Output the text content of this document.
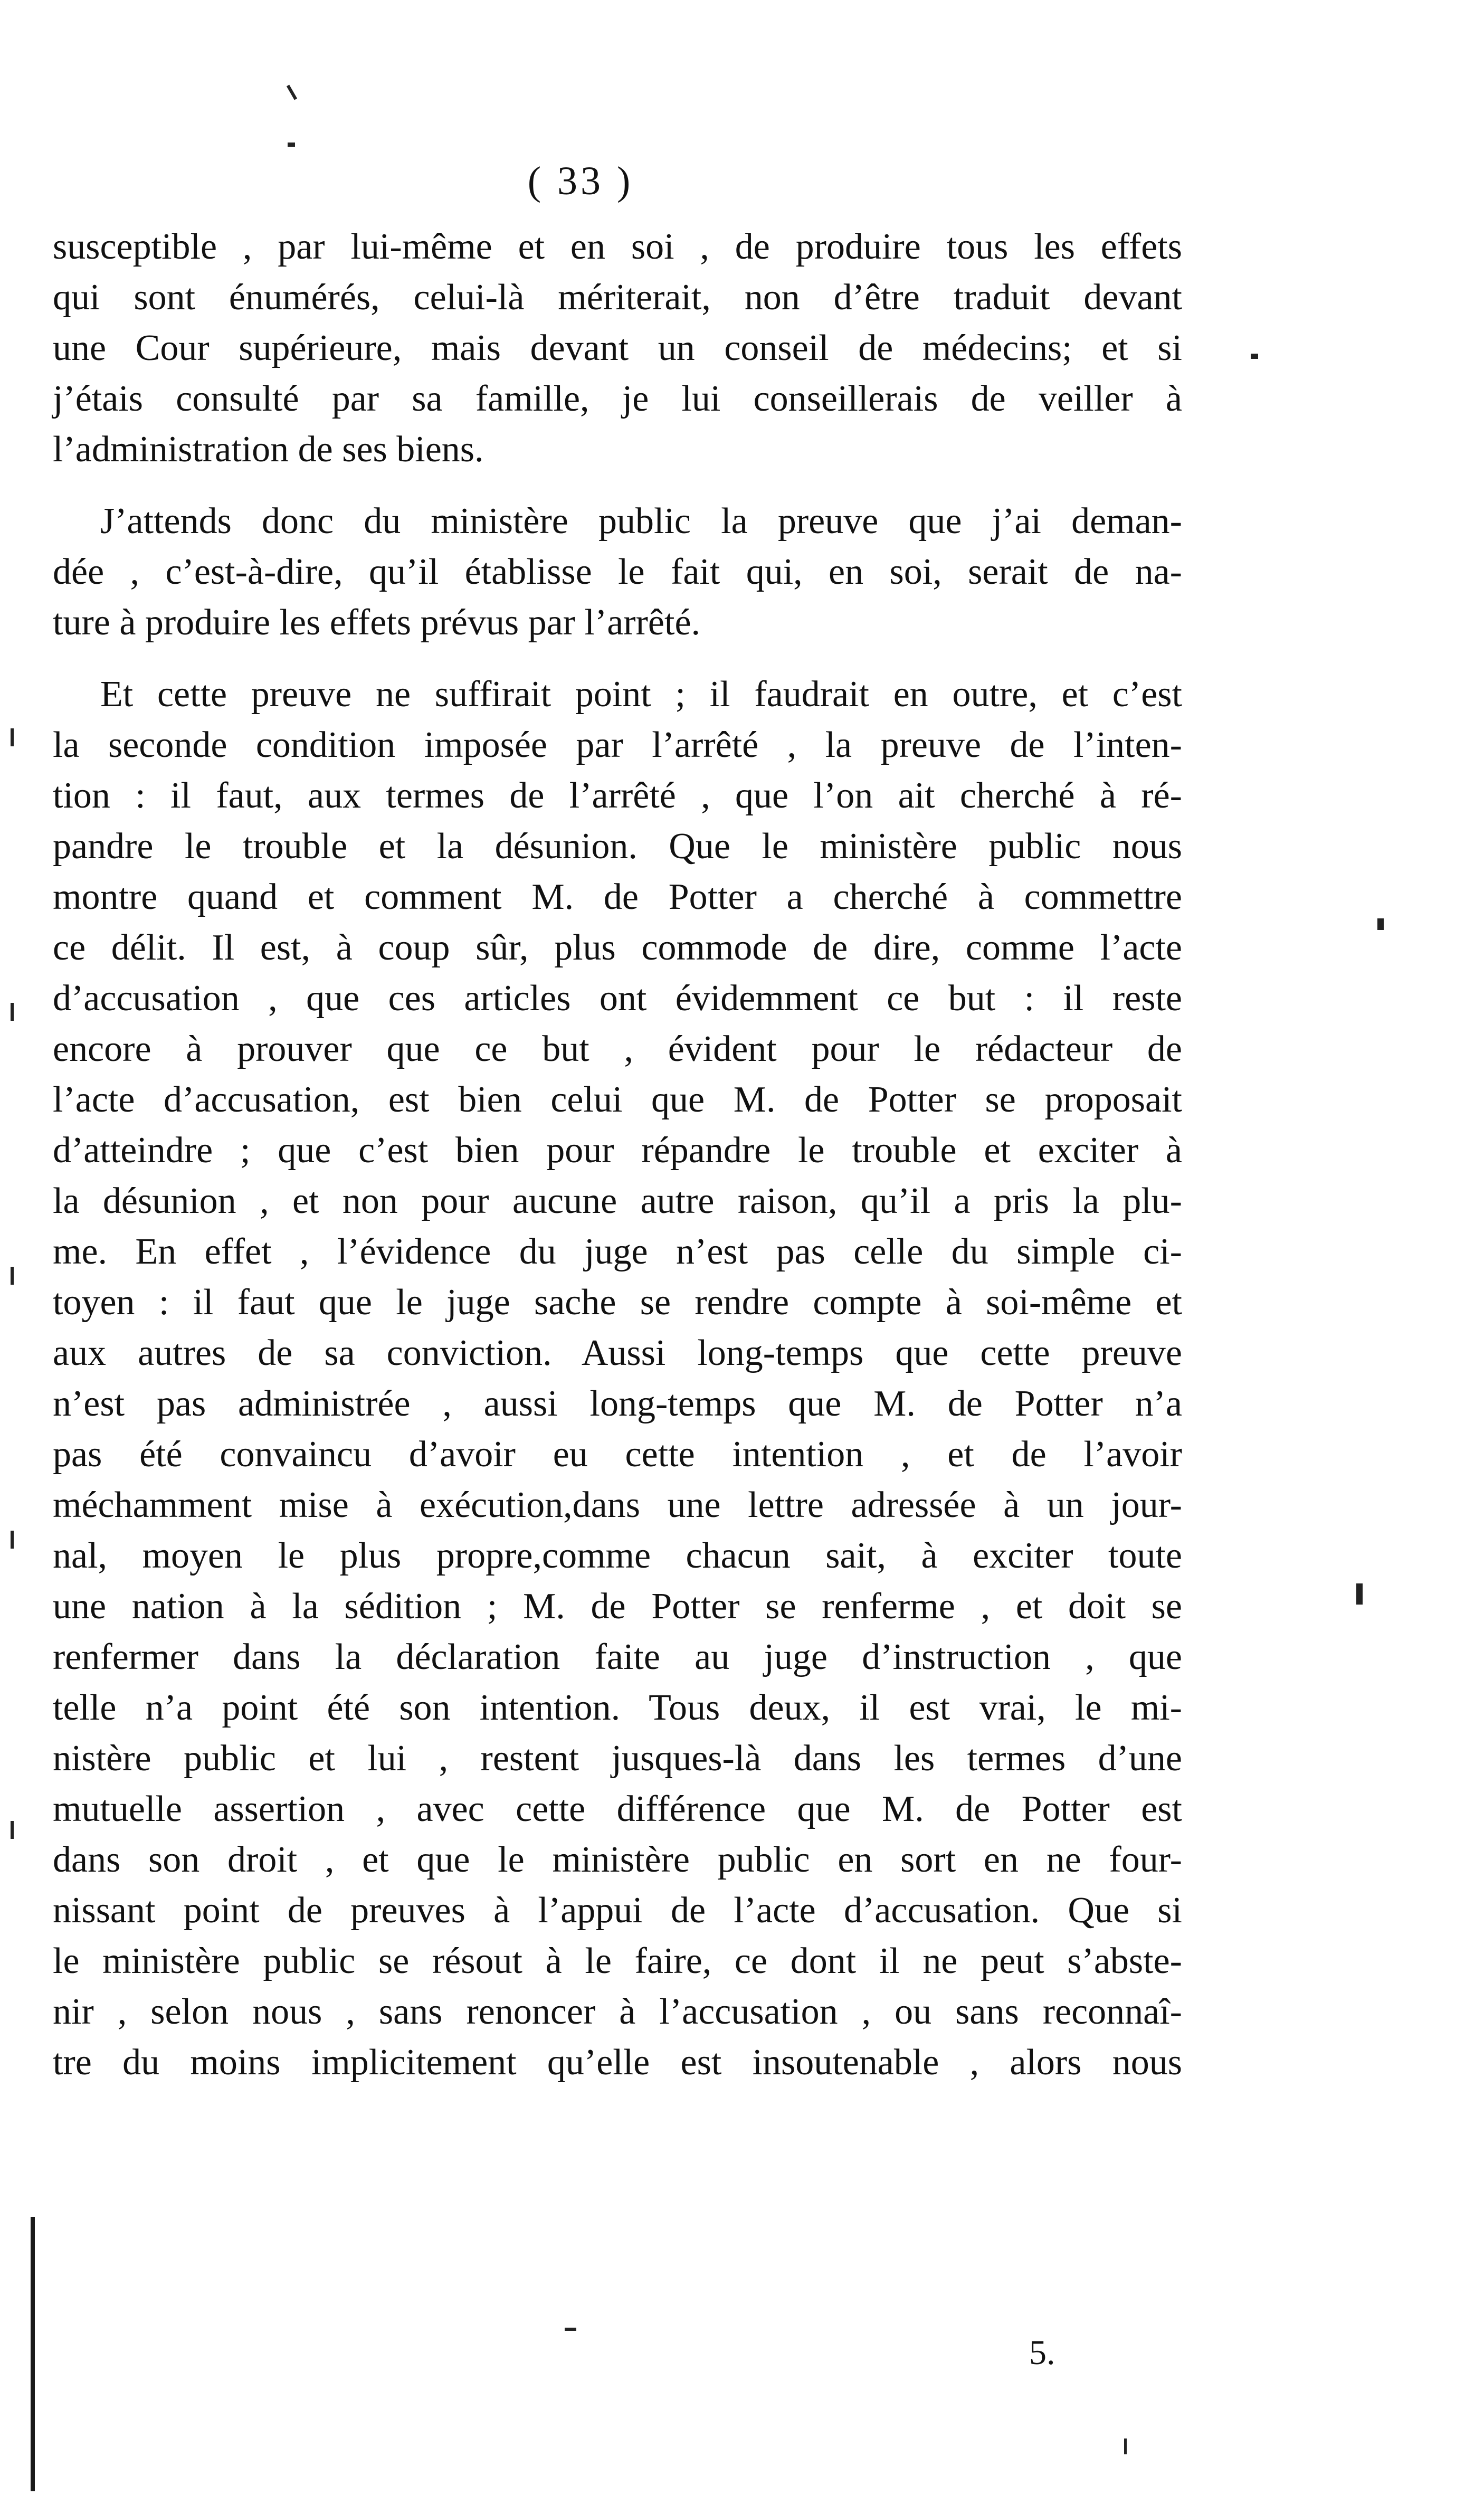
( 33 )
susceptible , par lui-même et en soi , de produire tous les effets
qui sont énumérés, celui-là mériterait, non d’être traduit devant
une Cour supérieure, mais devant un conseil de médecins; et si
j’étais consulté par sa famille, je lui conseillerais de veiller à
l’administration de ses biens.
J’attends donc du ministère public la preuve que j’ai deman-
dée , c’est-à-dire, qu’il établisse le fait qui, en soi, serait de na-
ture à produire les effets prévus par l’arrêté.
Et cette preuve ne suffirait point ; il faudrait en outre, et c’est
la seconde condition imposée par l’arrêté , la preuve de l’inten-
tion : il faut, aux termes de l’arrêté , que l’on ait cherché à ré-
pandre le trouble et la désunion. Que le ministère public nous
montre quand et comment M. de Potter a cherché à commettre
ce délit. Il est, à coup sûr, plus commode de dire, comme l’acte
d’accusation , que ces articles ont évidemment ce but : il reste
encore à prouver que ce but , évident pour le rédacteur de
l’acte d’accusation, est bien celui que M. de Potter se proposait
d’atteindre ; que c’est bien pour répandre le trouble et exciter à
la désunion , et non pour aucune autre raison, qu’il a pris la plu-
me. En effet , l’évidence du juge n’est pas celle du simple ci-
toyen : il faut que le juge sache se rendre compte à soi-même et
aux autres de sa conviction. Aussi long-temps que cette preuve
n’est pas administrée , aussi long-temps que M. de Potter n’a
pas été convaincu d’avoir eu cette intention , et de l’avoir
méchamment mise à exécution,dans une lettre adressée à un jour-
nal, moyen le plus propre,comme chacun sait, à exciter toute
une nation à la sédition ; M. de Potter se renferme , et doit se
renfermer dans la déclaration faite au juge d’instruction , que
telle n’a point été son intention. Tous deux, il est vrai, le mi-
nistère public et lui , restent jusques-là dans les termes d’une
mutuelle assertion , avec cette différence que M. de Potter est
dans son droit , et que le ministère public en sort en ne four-
nissant point de preuves à l’appui de l’acte d’accusation. Que si
le ministère public se résout à le faire, ce dont il ne peut s’abste-
nir , selon nous , sans renoncer à l’accusation , ou sans reconnaî-
tre du moins implicitement qu’elle est insoutenable , alors nous
5.
